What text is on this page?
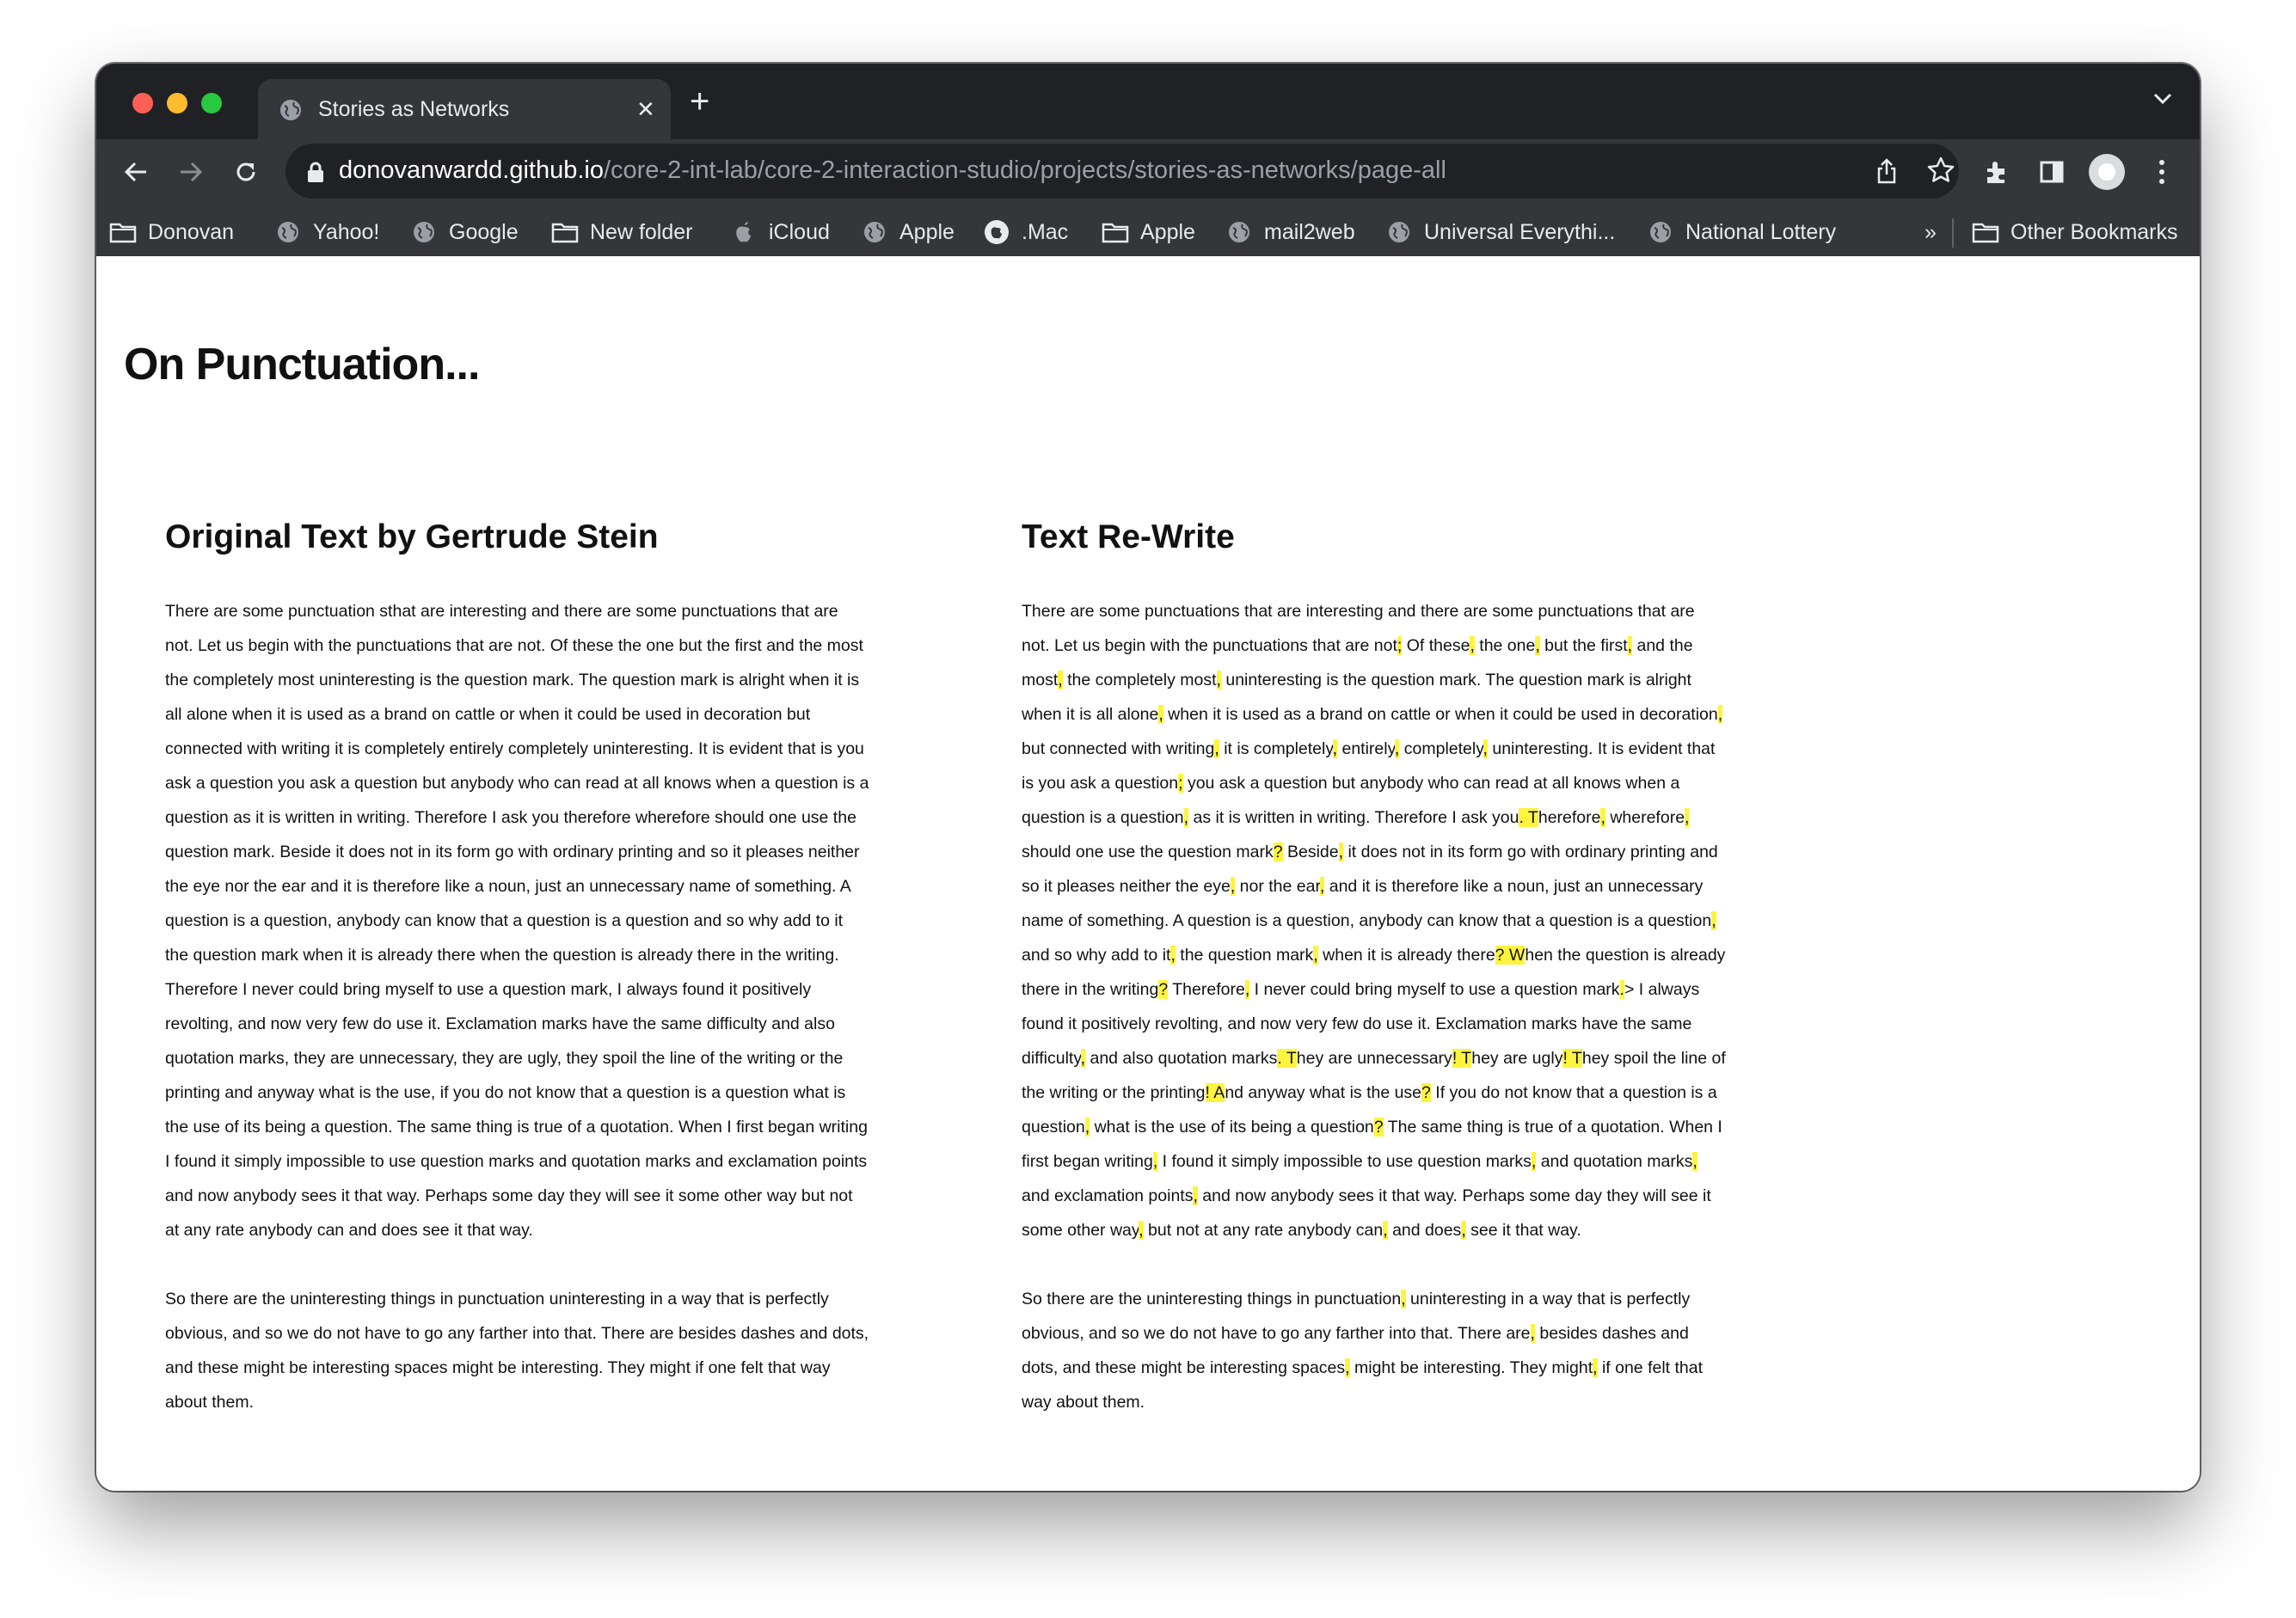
Stories as Networks	✕ +
donovanwardd.github.io/core-2-int-lab/core-2-interaction-studio/projects/stories-as-networks/page-all
Donovan	Yahoo!	Google	New folder	iCloud	Apple	.Mac	Apple	mail2web	Universal Everythi...	National Lottery	Other Bookmarks
»
On Punctuation...
Original Text by Gertrude Stein

There are some punctuation sthat are interesting and there are some punctuations that are not. Let us begin with the punctuations that are not. Of these the one but the first and the most the completely most uninteresting is the question mark. The question mark is alright when it is all alone when it is used as a brand on cattle or when it could be used in decoration but connected with writing it is completely entirely completely uninteresting. It is evident that is you ask a question you ask a question but anybody who can read at all knows when a question is a question as it is written in writing. Therefore I ask you therefore wherefore should one use the question mark. Beside it does not in its form go with ordinary printing and so it pleases neither the eye nor the ear and it is therefore like a noun, just an unnecessary name of something. A question is a question, anybody can know that a question is a question and so why add to it the question mark when it is already there when the question is already there in the writing. Therefore I never could bring myself to use a question mark, I always found it positively revolting, and now very few do use it. Exclamation marks have the same difficulty and also quotation marks, they are unnecessary, they are ugly, they spoil the line of the writing or the printing and anyway what is the use, if you do not know that a question is a question what is the use of its being a question. The same thing is true of a quotation. When I first began writing I found it simply impossible to use question marks and quotation marks and exclamation points and now anybody sees it that way. Perhaps some day they will see it some other way but not at any rate anybody can and does see it that way.

So there are the uninteresting things in punctuation uninteresting in a way that is perfectly obvious, and so we do not have to go any farther into that. There are besides dashes and dots, and these might be interesting spaces might be interesting. They might if one felt that way about them.

Text Re-Write

There are some punctuations that are interesting and there are some punctuations that are not. Let us begin with the punctuations that are not; Of these, the one, but the first, and the most, the completely most, uninteresting is the question mark. The question mark is alright when it is all alone, when it is used as a brand on cattle or when it could be used in decoration, but connected with writing, it is completely, entirely, completely, uninteresting. It is evident that is you ask a question; you ask a question but anybody who can read at all knows when a question is a question, as it is written in writing. Therefore I ask you. Therefore, wherefore, should one use the question mark? Beside, it does not in its form go with ordinary printing and so it pleases neither the eye, nor the ear, and it is therefore like a noun, just an unnecessary name of something. A question is a question, anybody can know that a question is a question, and so why add to it, the question mark, when it is already there? When the question is already there in the writing? Therefore, I never could bring myself to use a question mark.> I always found it positively revolting, and now very few do use it. Exclamation marks have the same difficulty, and also quotation marks. They are unnecessary! They are ugly! They spoil the line of the writing or the printing! And anyway what is the use? If you do not know that a question is a question, what is the use of its being a question? The same thing is true of a quotation. When I first began writing, I found it simply impossible to use question marks, and quotation marks, and exclamation points, and now anybody sees it that way. Perhaps some day they will see it some other way, but not at any rate anybody can, and does, see it that way.

So there are the uninteresting things in punctuation, uninteresting in a way that is perfectly obvious, and so we do not have to go any farther into that. There are, besides dashes and dots, and these might be interesting spaces, might be interesting. They might, if one felt that way about them.
